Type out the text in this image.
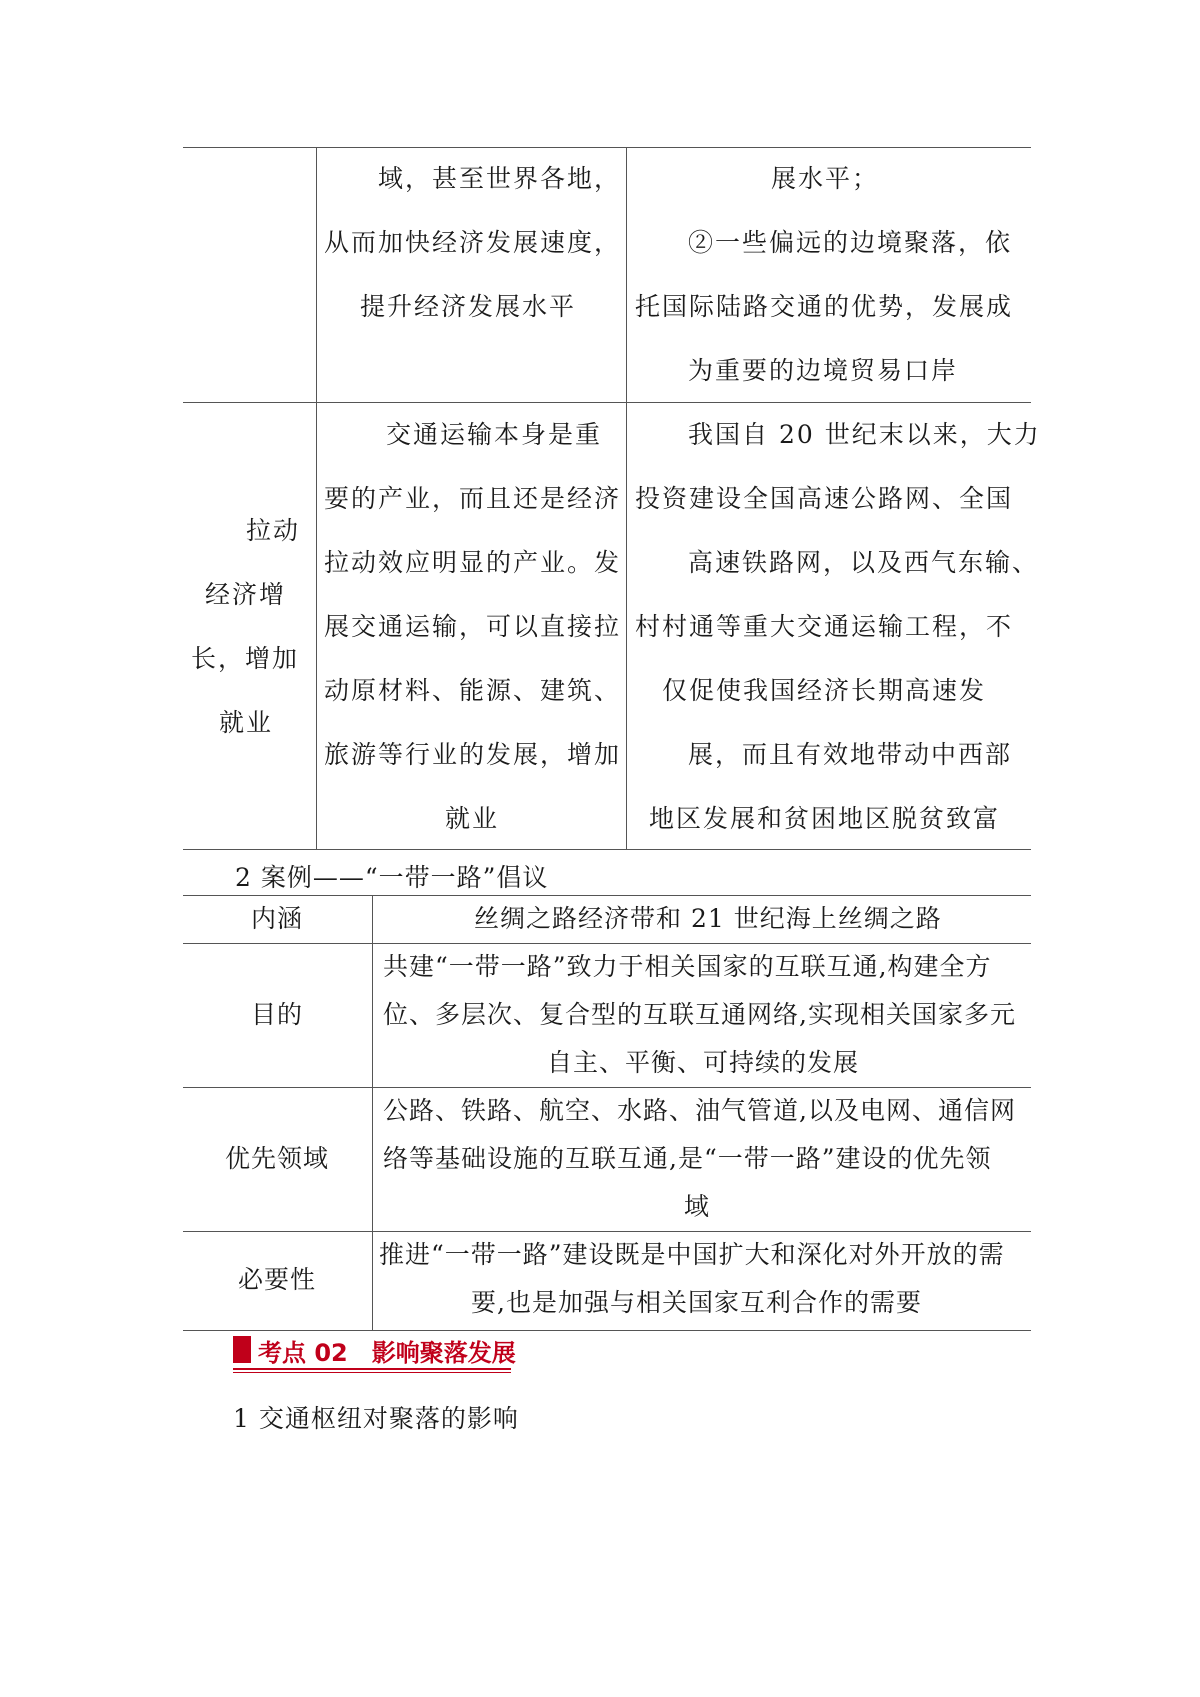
域，甚至世界各地，
从而加快经济发展速度，
提升经济发展水平
展水平；
②一些偏远的边境聚落，依
托国际陆路交通的优势，发展成
为重要的边境贸易口岸
拉动
经济增
长，增加
就业
交通运输本身是重
要的产业，而且还是经济
拉动效应明显的产业。发
展交通运输，可以直接拉
动原材料、能源、建筑、
旅游等行业的发展，增加
就业
我国自 20 世纪末以来，大力
投资建设全国高速公路网、全国
高速铁路网，以及西气东输、
村村通等重大交通运输工程，不
仅促使我国经济长期高速发
展，而且有效地带动中西部
地区发展和贫困地区脱贫致富
2 案例——“一带一路”倡议
内涵	丝绸之路经济带和 21 世纪海上丝绸之路
目的
共建“一带一路”致力于相关国家的互联互通,构建全方
位、多层次、复合型的互联互通网络,实现相关国家多元
自主、平衡、可持续的发展
优先领域
公路、铁路、航空、水路、油气管道,以及电网、通信网
络等基础设施的互联互通,是“一带一路”建设的优先领
域
必要性
推进“一带一路”建设既是中国扩大和深化对外开放的需
要,也是加强与相关国家互利合作的需要
考点 02　影响聚落发展
1 交通枢纽对聚落的影响
